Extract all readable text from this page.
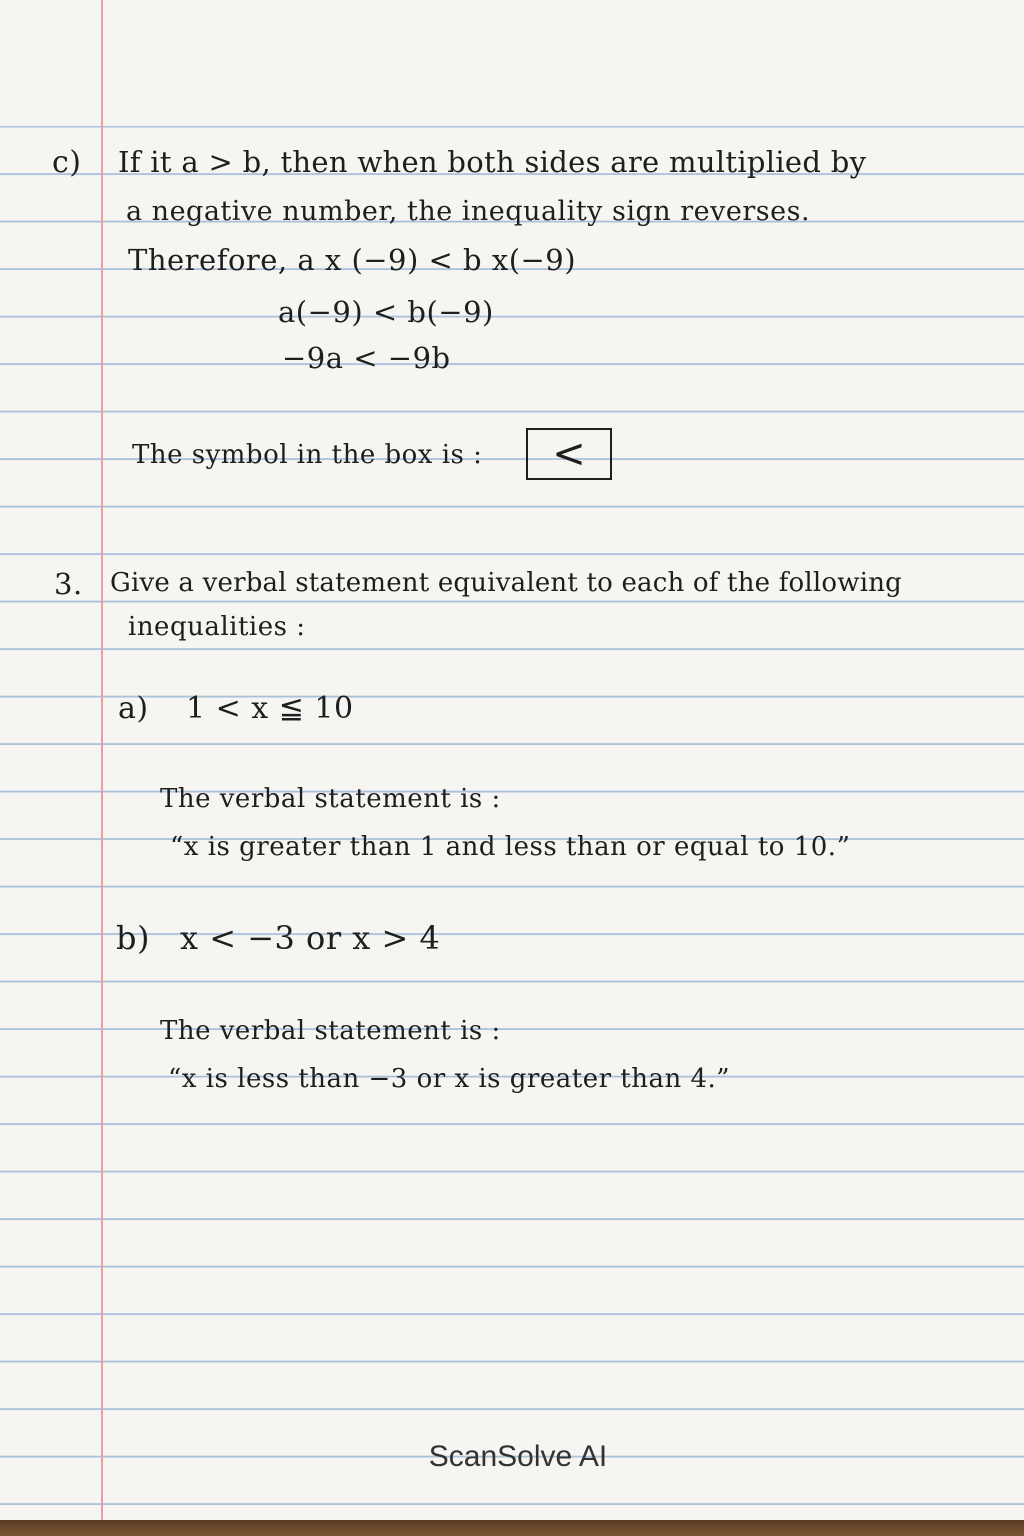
c) If it a > b, then when both sides are multiplied by
a negative number, the inequality sign reverses.
Therefore, a x (−9) < b x(−9)
a(−9) < b(−9)
−9a < −9b
The symbol in the box is : <
3. Give a verbal statement equivalent to each of the following
inequalities :
a) 1 < x ≦ 10
The verbal statement is :
“x is greater than 1 and less than or equal to 10.”
b) x < −3 or x > 4
The verbal statement is :
“x is less than −3 or x is greater than 4.”
ScanSolve AI
